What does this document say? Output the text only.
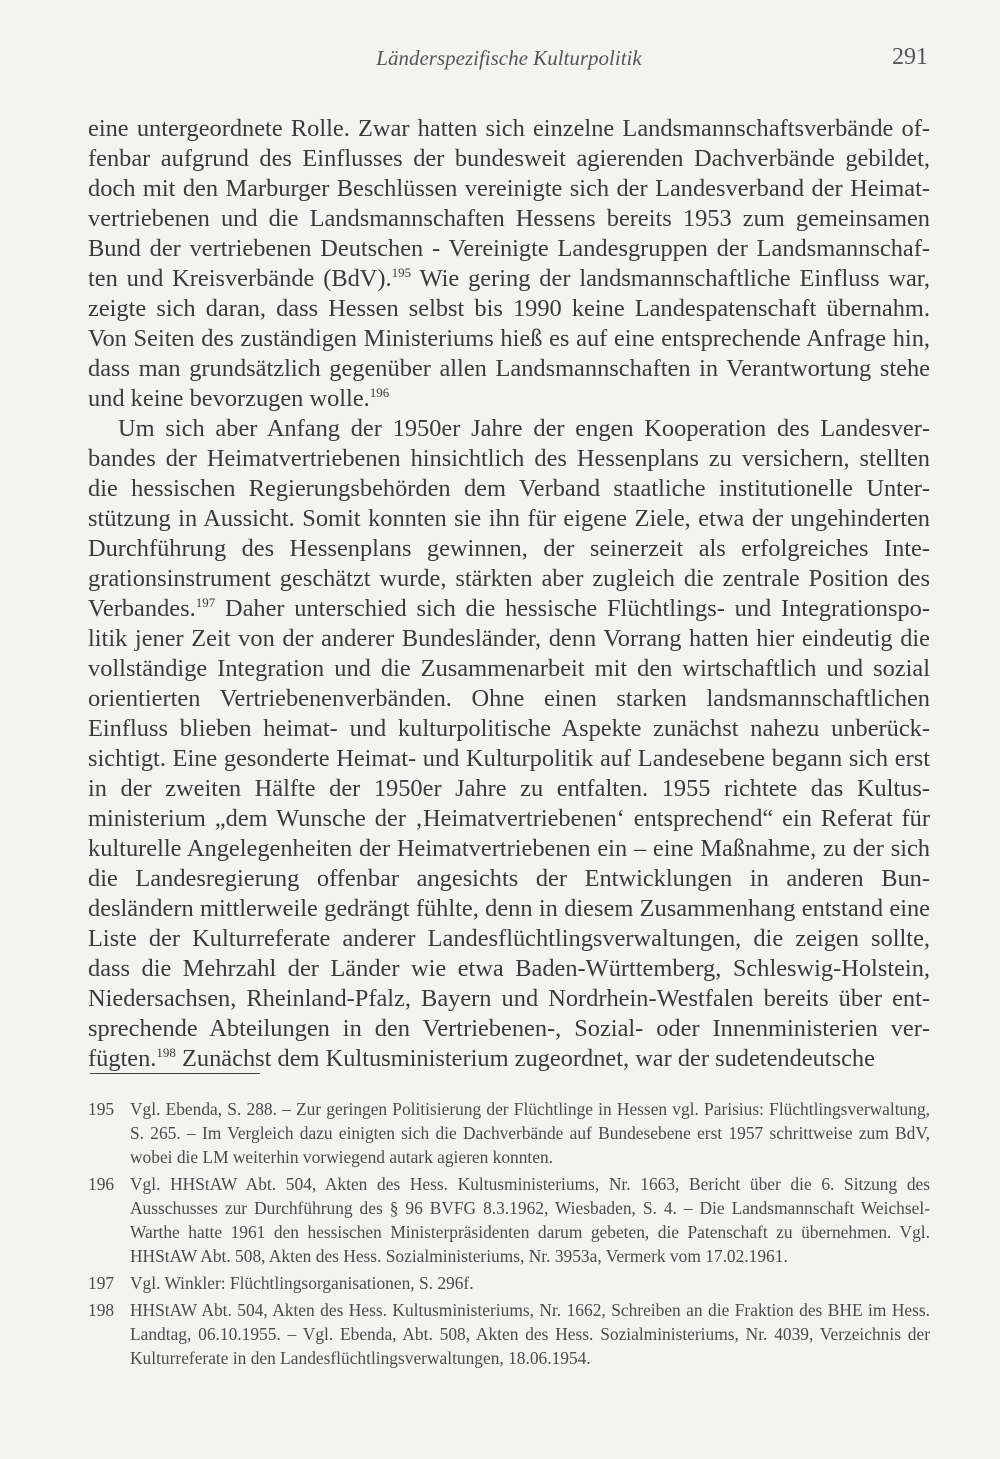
Länderspezifische Kulturpolitik	291

eine untergeordnete Rolle. Zwar hatten sich einzelne Landsmannschaftsverbände offenbar aufgrund des Einflusses der bundesweit agierenden Dachverbände gebildet, doch mit den Marburger Beschlüssen vereinigte sich der Landesverband der Heimatvertriebenen und die Landsmannschaften Hessens bereits 1953 zum gemeinsamen Bund der vertriebenen Deutschen - Vereinigte Landesgruppen der Landsmannschaften und Kreisverbände (BdV).$^{195}$ Wie gering der landsmannschaftliche Einfluss war, zeigte sich daran, dass Hessen selbst bis 1990 keine Landespatenschaft übernahm. Von Seiten des zuständigen Ministeriums hieß es auf eine entsprechende Anfrage hin, dass man grundsätzlich gegenüber allen Landsmannschaften in Verantwortung stehe und keine bevorzugen wolle.$^{196}$

Um sich aber Anfang der 1950er Jahre der engen Kooperation des Landesverbandes der Heimatvertriebenen hinsichtlich des Hessenplans zu versichern, stellten die hessischen Regierungsbehörden dem Verband staatliche institutionelle Unterstützung in Aussicht. Somit konnten sie ihn für eigene Ziele, etwa der ungehinderten Durchführung des Hessenplans gewinnen, der seinerzeit als erfolgreiches Integrationsinstrument geschätzt wurde, stärkten aber zugleich die zentrale Position des Verbandes.$^{197}$ Daher unterschied sich die hessische Flüchtlings- und Integrationspolitik jener Zeit von der anderer Bundesländer, denn Vorrang hatten hier eindeutig die vollständige Integration und die Zusammenarbeit mit den wirtschaftlich und sozial orientierten Vertriebenenverbänden. Ohne einen starken landsmannschaftlichen Einfluss blieben heimat- und kulturpolitische Aspekte zunächst nahezu unberücksichtigt. Eine gesonderte Heimat- und Kulturpolitik auf Landesebene begann sich erst in der zweiten Hälfte der 1950er Jahre zu entfalten. 1955 richtete das Kultusministerium „dem Wunsche der ‚Heimatvertriebenen‘ entsprechend“ ein Referat für kulturelle Angelegenheiten der Heimatvertriebenen ein – eine Maßnahme, zu der sich die Landesregierung offenbar angesichts der Entwicklungen in anderen Bundesländern mittlerweile gedrängt fühlte, denn in diesem Zusammenhang entstand eine Liste der Kulturreferate anderer Landesflüchtlingsverwaltungen, die zeigen sollte, dass die Mehrzahl der Länder wie etwa Baden-Württemberg, Schleswig-Holstein, Niedersachsen, Rheinland-Pfalz, Bayern und Nordrhein-Westfalen bereits über entsprechende Abteilungen in den Vertriebenen-, Sozial- oder Innenministerien verfügten.$^{198}$ Zunächst dem Kultusministerium zugeordnet, war der sudetendeutsche

195 Vgl. Ebenda, S. 288. – Zur geringen Politisierung der Flüchtlinge in Hessen vgl. Parisius: Flüchtlingsverwaltung, S. 265. – Im Vergleich dazu einigten sich die Dachverbände auf Bundesebene erst 1957 schrittweise zum BdV, wobei die LM weiterhin vorwiegend autark agieren konnten.
196 Vgl. HHStAW Abt. 504, Akten des Hess. Kultusministeriums, Nr. 1663, Bericht über die 6. Sitzung des Ausschusses zur Durchführung des § 96 BVFG 8.3.1962, Wiesbaden, S. 4. – Die Landsmannschaft Weichsel-Warthe hatte 1961 den hessischen Ministerpräsidenten darum gebeten, die Patenschaft zu übernehmen. Vgl. HHStAW Abt. 508, Akten des Hess. Sozialministeriums, Nr. 3953a, Vermerk vom 17.02.1961.
197 Vgl. Winkler: Flüchtlingsorganisationen, S. 296f.
198 HHStAW Abt. 504, Akten des Hess. Kultusministeriums, Nr. 1662, Schreiben an die Fraktion des BHE im Hess. Landtag, 06.10.1955. – Vgl. Ebenda, Abt. 508, Akten des Hess. Sozialministeriums, Nr. 4039, Verzeichnis der Kulturreferate in den Landesflüchtlingsverwaltungen, 18.06.1954.
